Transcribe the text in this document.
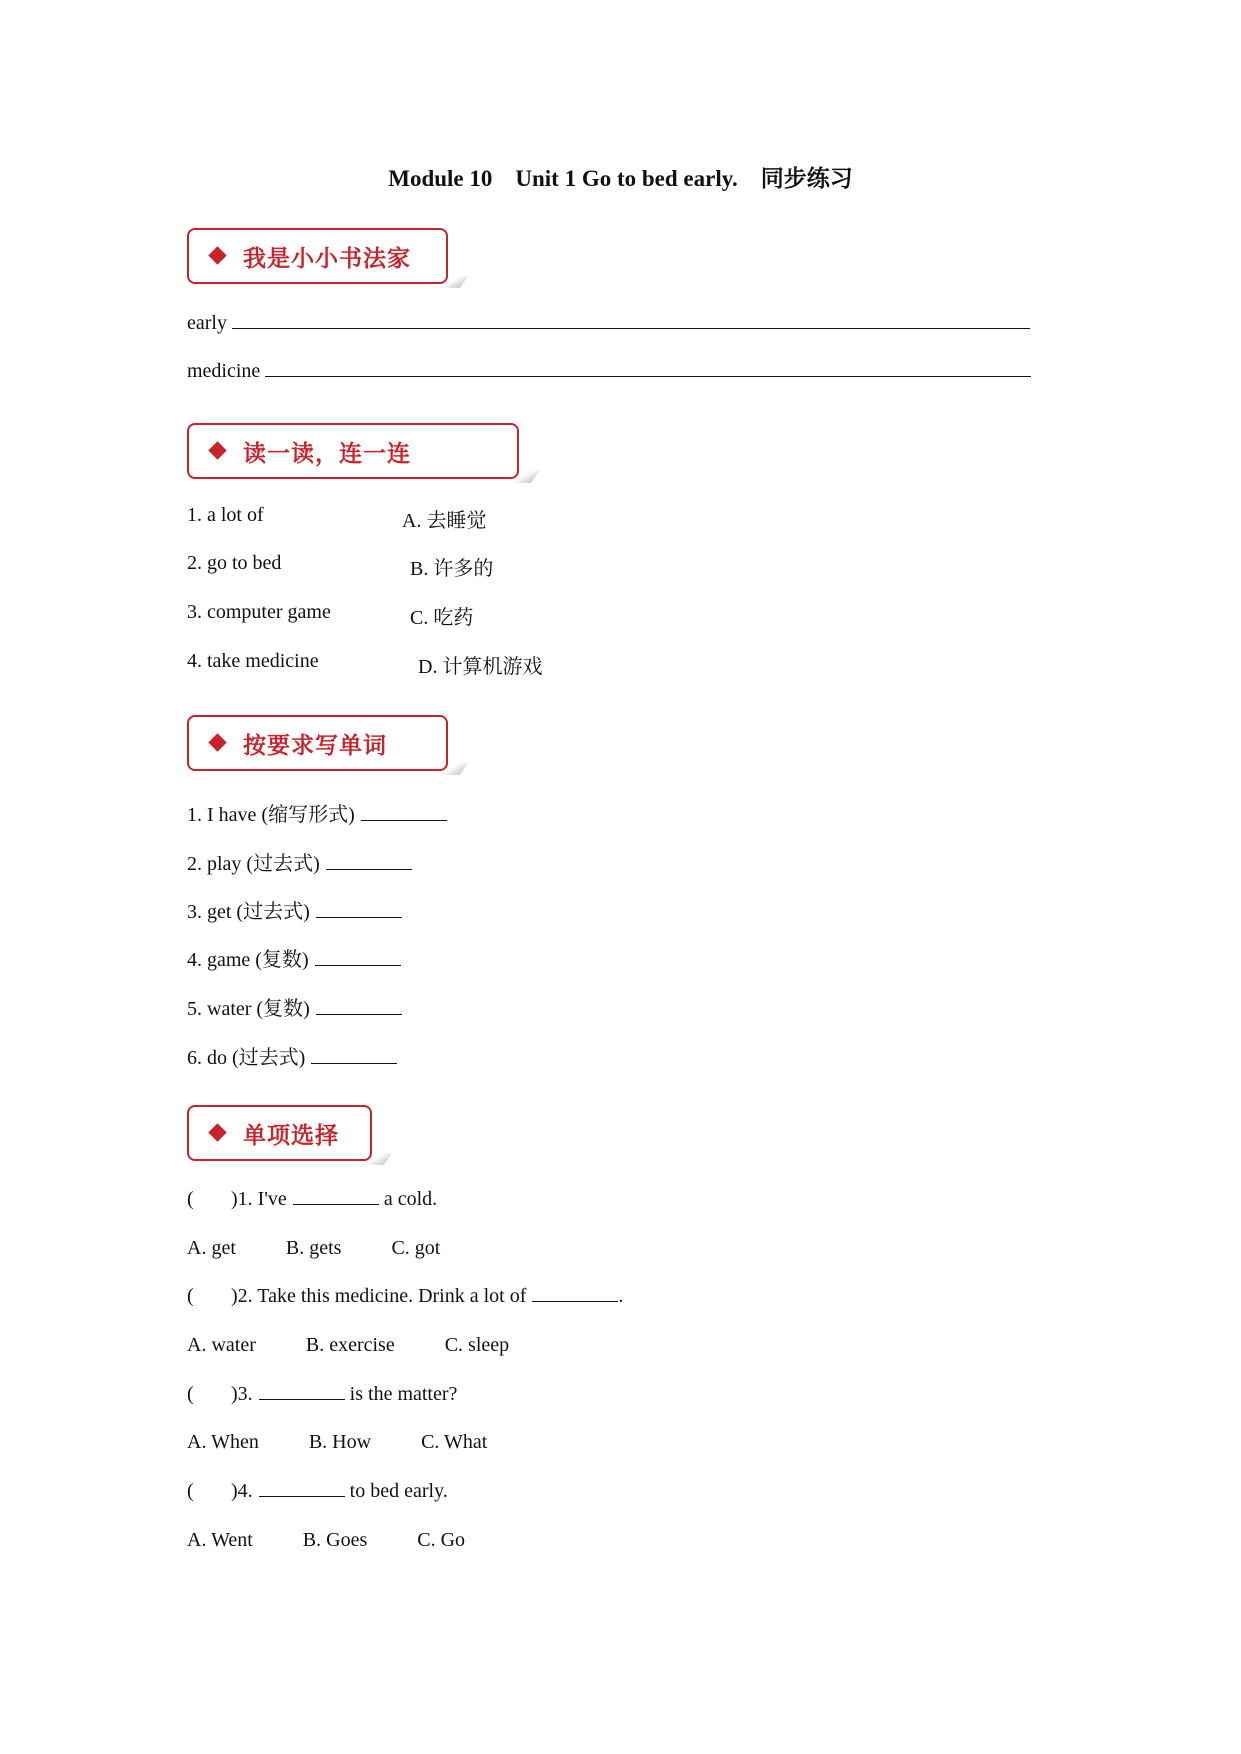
Module 10 Unit 1 Go to bed early. 同步练习
我是小小书法家
early
medicine
读一读，连一连
1. a lot of
2. go to bed
3. computer game
4. take medicine
A. 去睡觉
B. 许多的
C. 吃药
D. 计算机游戏
按要求写单词
1. I have (缩写形式)
2. play (过去式)
3. get (过去式)
4. game (复数)
5. water (复数)
6. do (过去式)
单项选择
( )1. I've	a cold.
A. get	B. gets	C. got
( )2. Take this medicine. Drink a lot of	.
A. water	B. exercise	C. sleep
( )3.	is the matter?
A. When	B. How	C. What
( )4.	to bed early.
A. Went	B. Goes	C. Go
